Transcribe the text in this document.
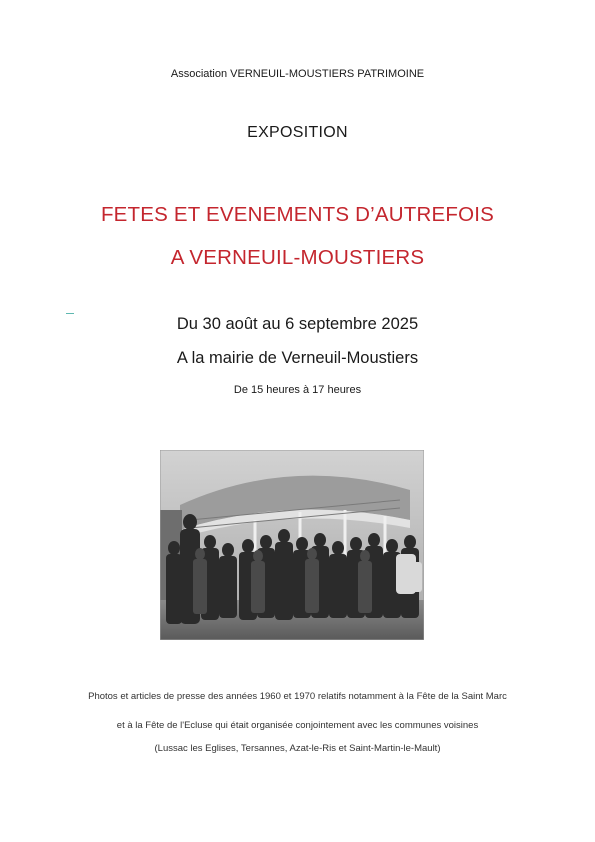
Association VERNEUIL-MOUSTIERS PATRIMOINE
EXPOSITION
FETES ET EVENEMENTS D’AUTREFOIS
A VERNEUIL-MOUSTIERS
Du 30 août au 6 septembre 2025
A la mairie de Verneuil-Moustiers
De 15 heures à 17 heures
Photos et articles de presse des années 1960 et 1970 relatifs notamment à la Fête de la Saint Marc
et à la Fête de l'Ecluse qui était organisée conjointement avec les communes voisines
(Lussac les Eglises, Tersannes, Azat-le-Ris et Saint-Martin-le-Mault)
